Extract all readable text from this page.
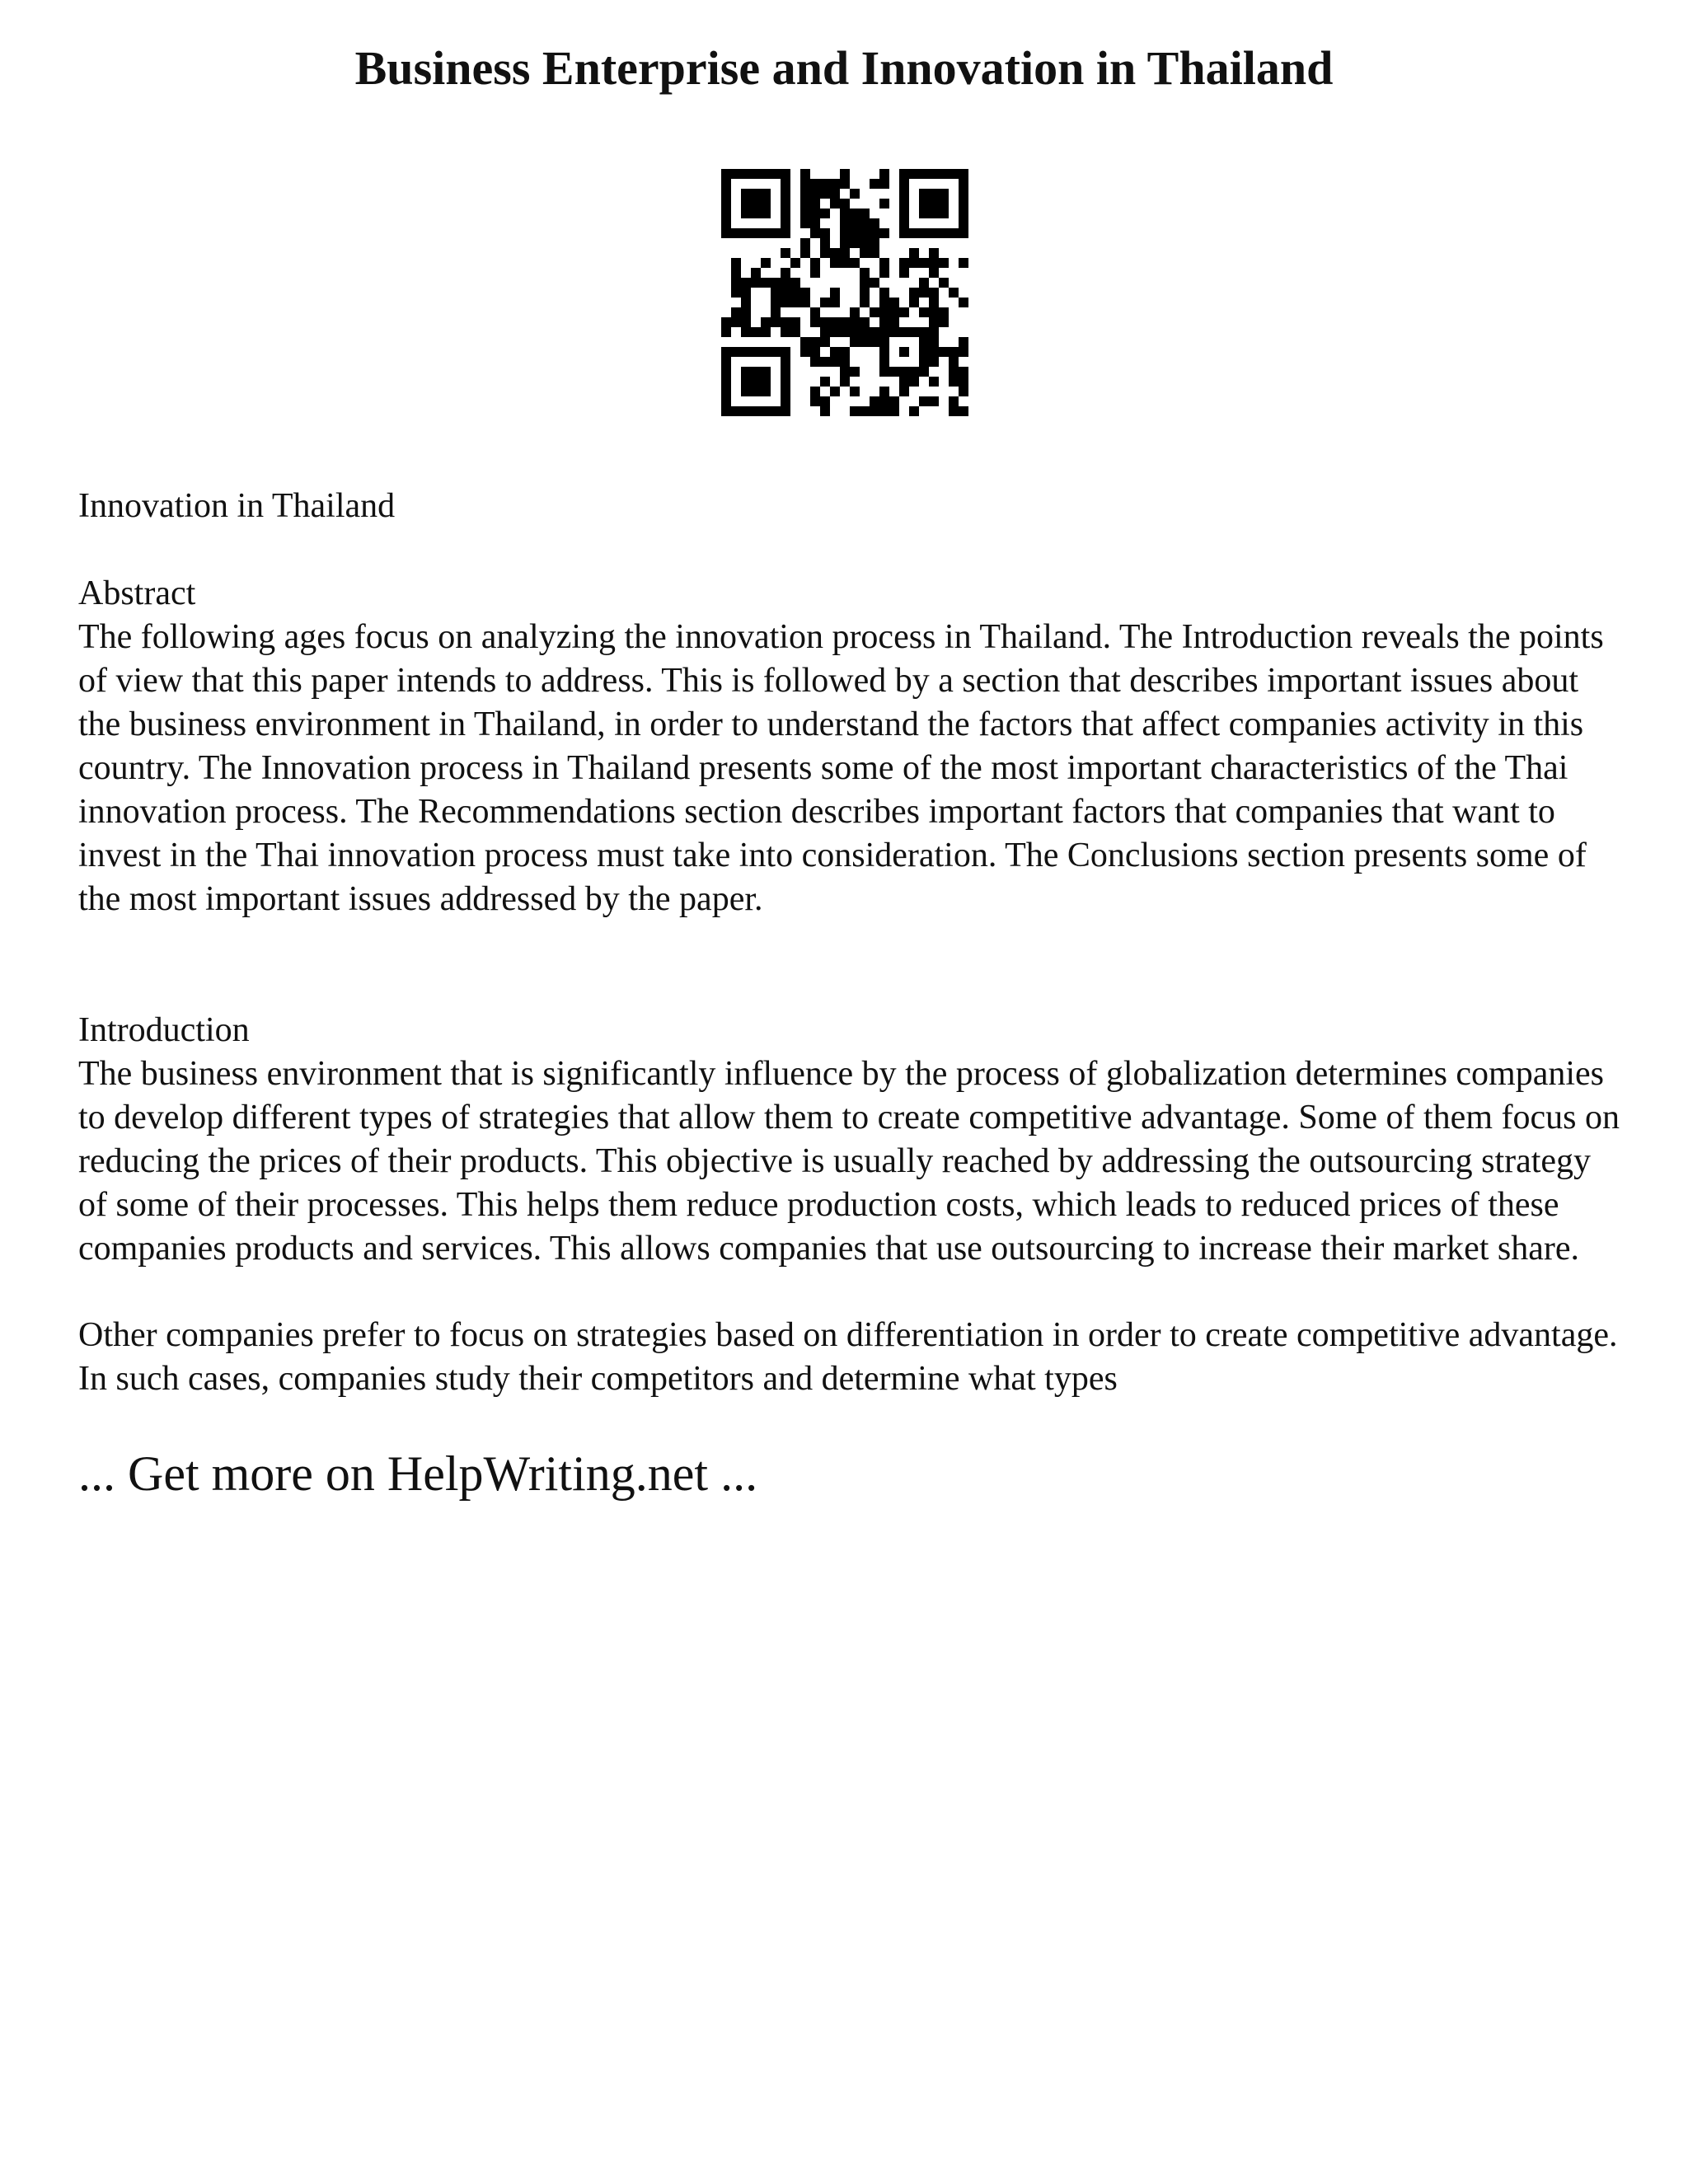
Business Enterprise and Innovation in Thailand

Innovation in Thailand

Abstract

The following ages focus on analyzing the innovation process in Thailand. The Introduction reveals the points of view that this paper intends to address. This is followed by a section that describes important issues about the business environment in Thailand, in order to understand the factors that affect companies activity in this country. The Innovation process in Thailand presents some of the most important characteristics of the Thai innovation process. The Recommendations section describes important factors that companies that want to invest in the Thai innovation process must take into consideration. The Conclusions section presents some of the most important issues addressed by the paper.

Introduction

The business environment that is significantly influence by the process of globalization determines companies to develop different types of strategies that allow them to create competitive advantage. Some of them focus on reducing the prices of their products. This objective is usually reached by addressing the outsourcing strategy of some of their processes. This helps them reduce production costs, which leads to reduced prices of these companies products and services. This allows companies that use outsourcing to increase their market share.

Other companies prefer to focus on strategies based on differentiation in order to create competitive advantage. In such cases, companies study their competitors and determine what types

... Get more on HelpWriting.net ...
